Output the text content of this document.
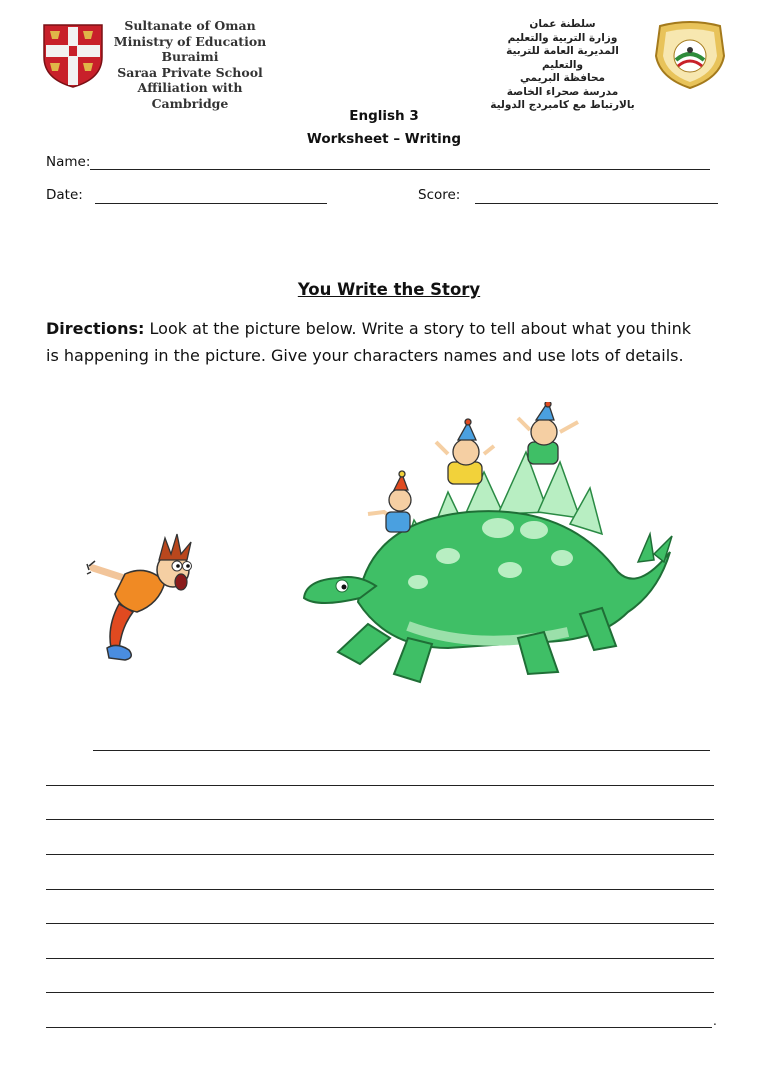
Sultanate of Oman
Ministry of Education
Buraimi
Saraa Private School
Affiliation with Cambridge
سلطنة عمان
وزارة التربية والتعليم
المديرية العامة للتربية والتعليم
محافظة البريمي
مدرسة صحراء الخاصة
بالارتباط مع كامبردج الدولية
English 3
Worksheet – Writing
Name:
Date:	Score:
You Write the Story
Directions: Look at the picture below. Write a story to tell about what you think is happening in the picture. Give your characters names and use lots of details.
.
